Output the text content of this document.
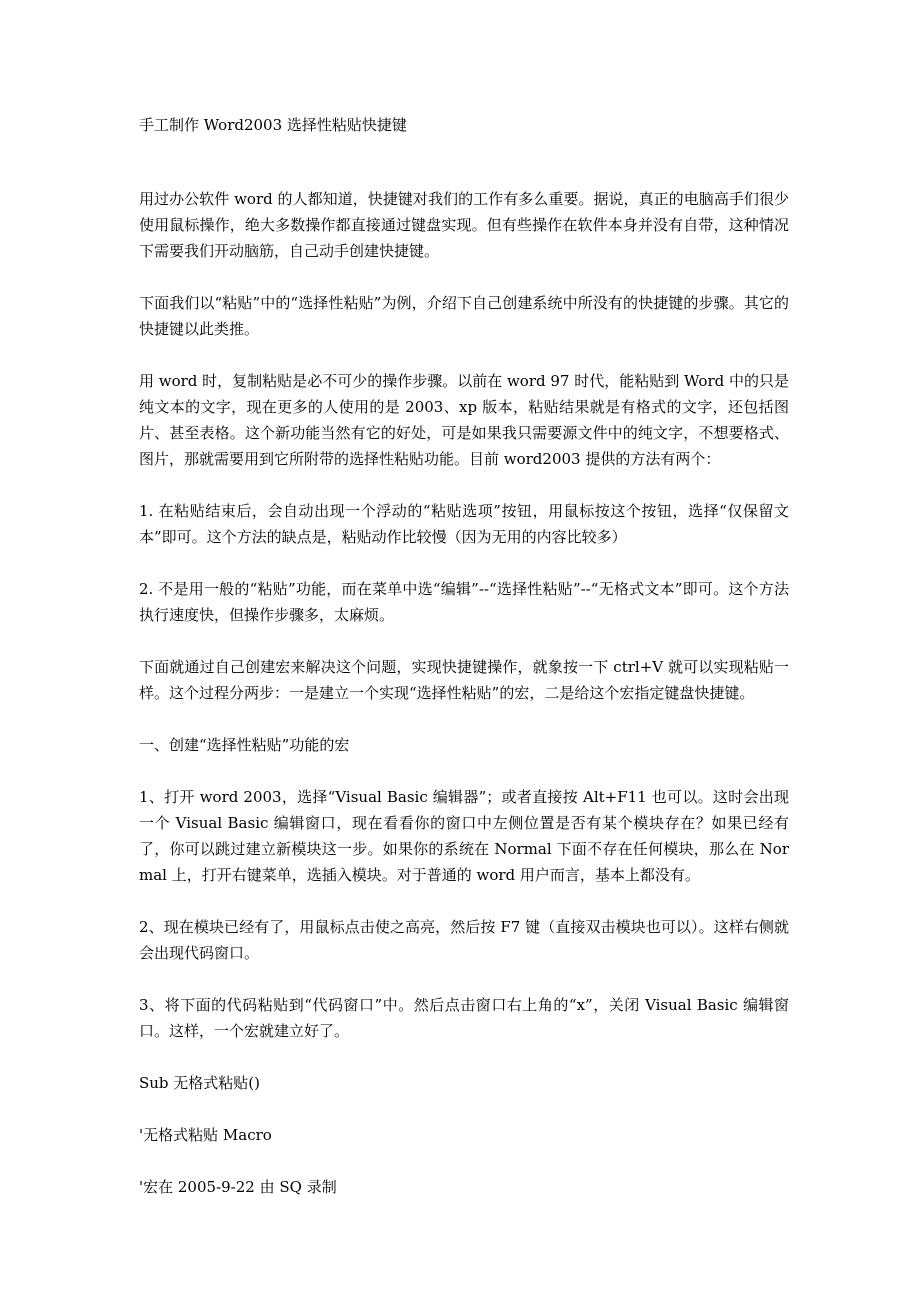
手工制作 Word2003 选择性粘贴快捷键

用过办公软件 word 的人都知道，快捷键对我们的工作有多么重要。据说，真正的电脑高手们很少使用鼠标操作，绝大多数操作都直接通过键盘实现。但有些操作在软件本身并没有自带，这种情况下需要我们开动脑筋，自己动手创建快捷键。

下面我们以“粘贴”中的“选择性粘贴”为例，介绍下自己创建系统中所没有的快捷键的步骤。其它的快捷键以此类推。

用 word 时，复制粘贴是必不可少的操作步骤。以前在 word 97 时代，能粘贴到 Word 中的只是纯文本的文字，现在更多的人使用的是 2003、xp 版本，粘贴结果就是有格式的文字，还包括图片、甚至表格。这个新功能当然有它的好处，可是如果我只需要源文件中的纯文字，不想要格式、图片，那就需要用到它所附带的选择性粘贴功能。目前 word2003 提供的方法有两个：

1. 在粘贴结束后，会自动出现一个浮动的“粘贴选项”按钮，用鼠标按这个按钮，选择“仅保留文本”即可。这个方法的缺点是，粘贴动作比较慢（因为无用的内容比较多）

2. 不是用一般的“粘贴”功能，而在菜单中选“编辑”--“选择性粘贴”--“无格式文本”即可。这个方法执行速度快，但操作步骤多，太麻烦。

下面就通过自己创建宏来解决这个问题，实现快捷键操作，就象按一下 ctrl+V 就可以实现粘贴一样。这个过程分两步：一是建立一个实现“选择性粘贴”的宏，二是给这个宏指定键盘快捷键。

一、创建“选择性粘贴”功能的宏

1、打开 word 2003，选择“Visual Basic 编辑器”；或者直接按 Alt+F11 也可以。这时会出现一个 Visual Basic 编辑窗口，现在看看你的窗口中左侧位置是否有某个模块存在？如果已经有了，你可以跳过建立新模块这一步。如果你的系统在 Normal 下面不存在任何模块，那么在 Normal 上，打开右键菜单，选插入模块。对于普通的 word 用户而言，基本上都没有。

2、现在模块已经有了，用鼠标点击使之高亮，然后按 F7 键（直接双击模块也可以）。这样右侧就会出现代码窗口。

3、将下面的代码粘贴到“代码窗口”中。然后点击窗口右上角的“x”，关闭 Visual Basic 编辑窗口。这样，一个宏就建立好了。

Sub 无格式粘贴()

'无格式粘贴 Macro

'宏在 2005-9-22 由 SQ 录制
